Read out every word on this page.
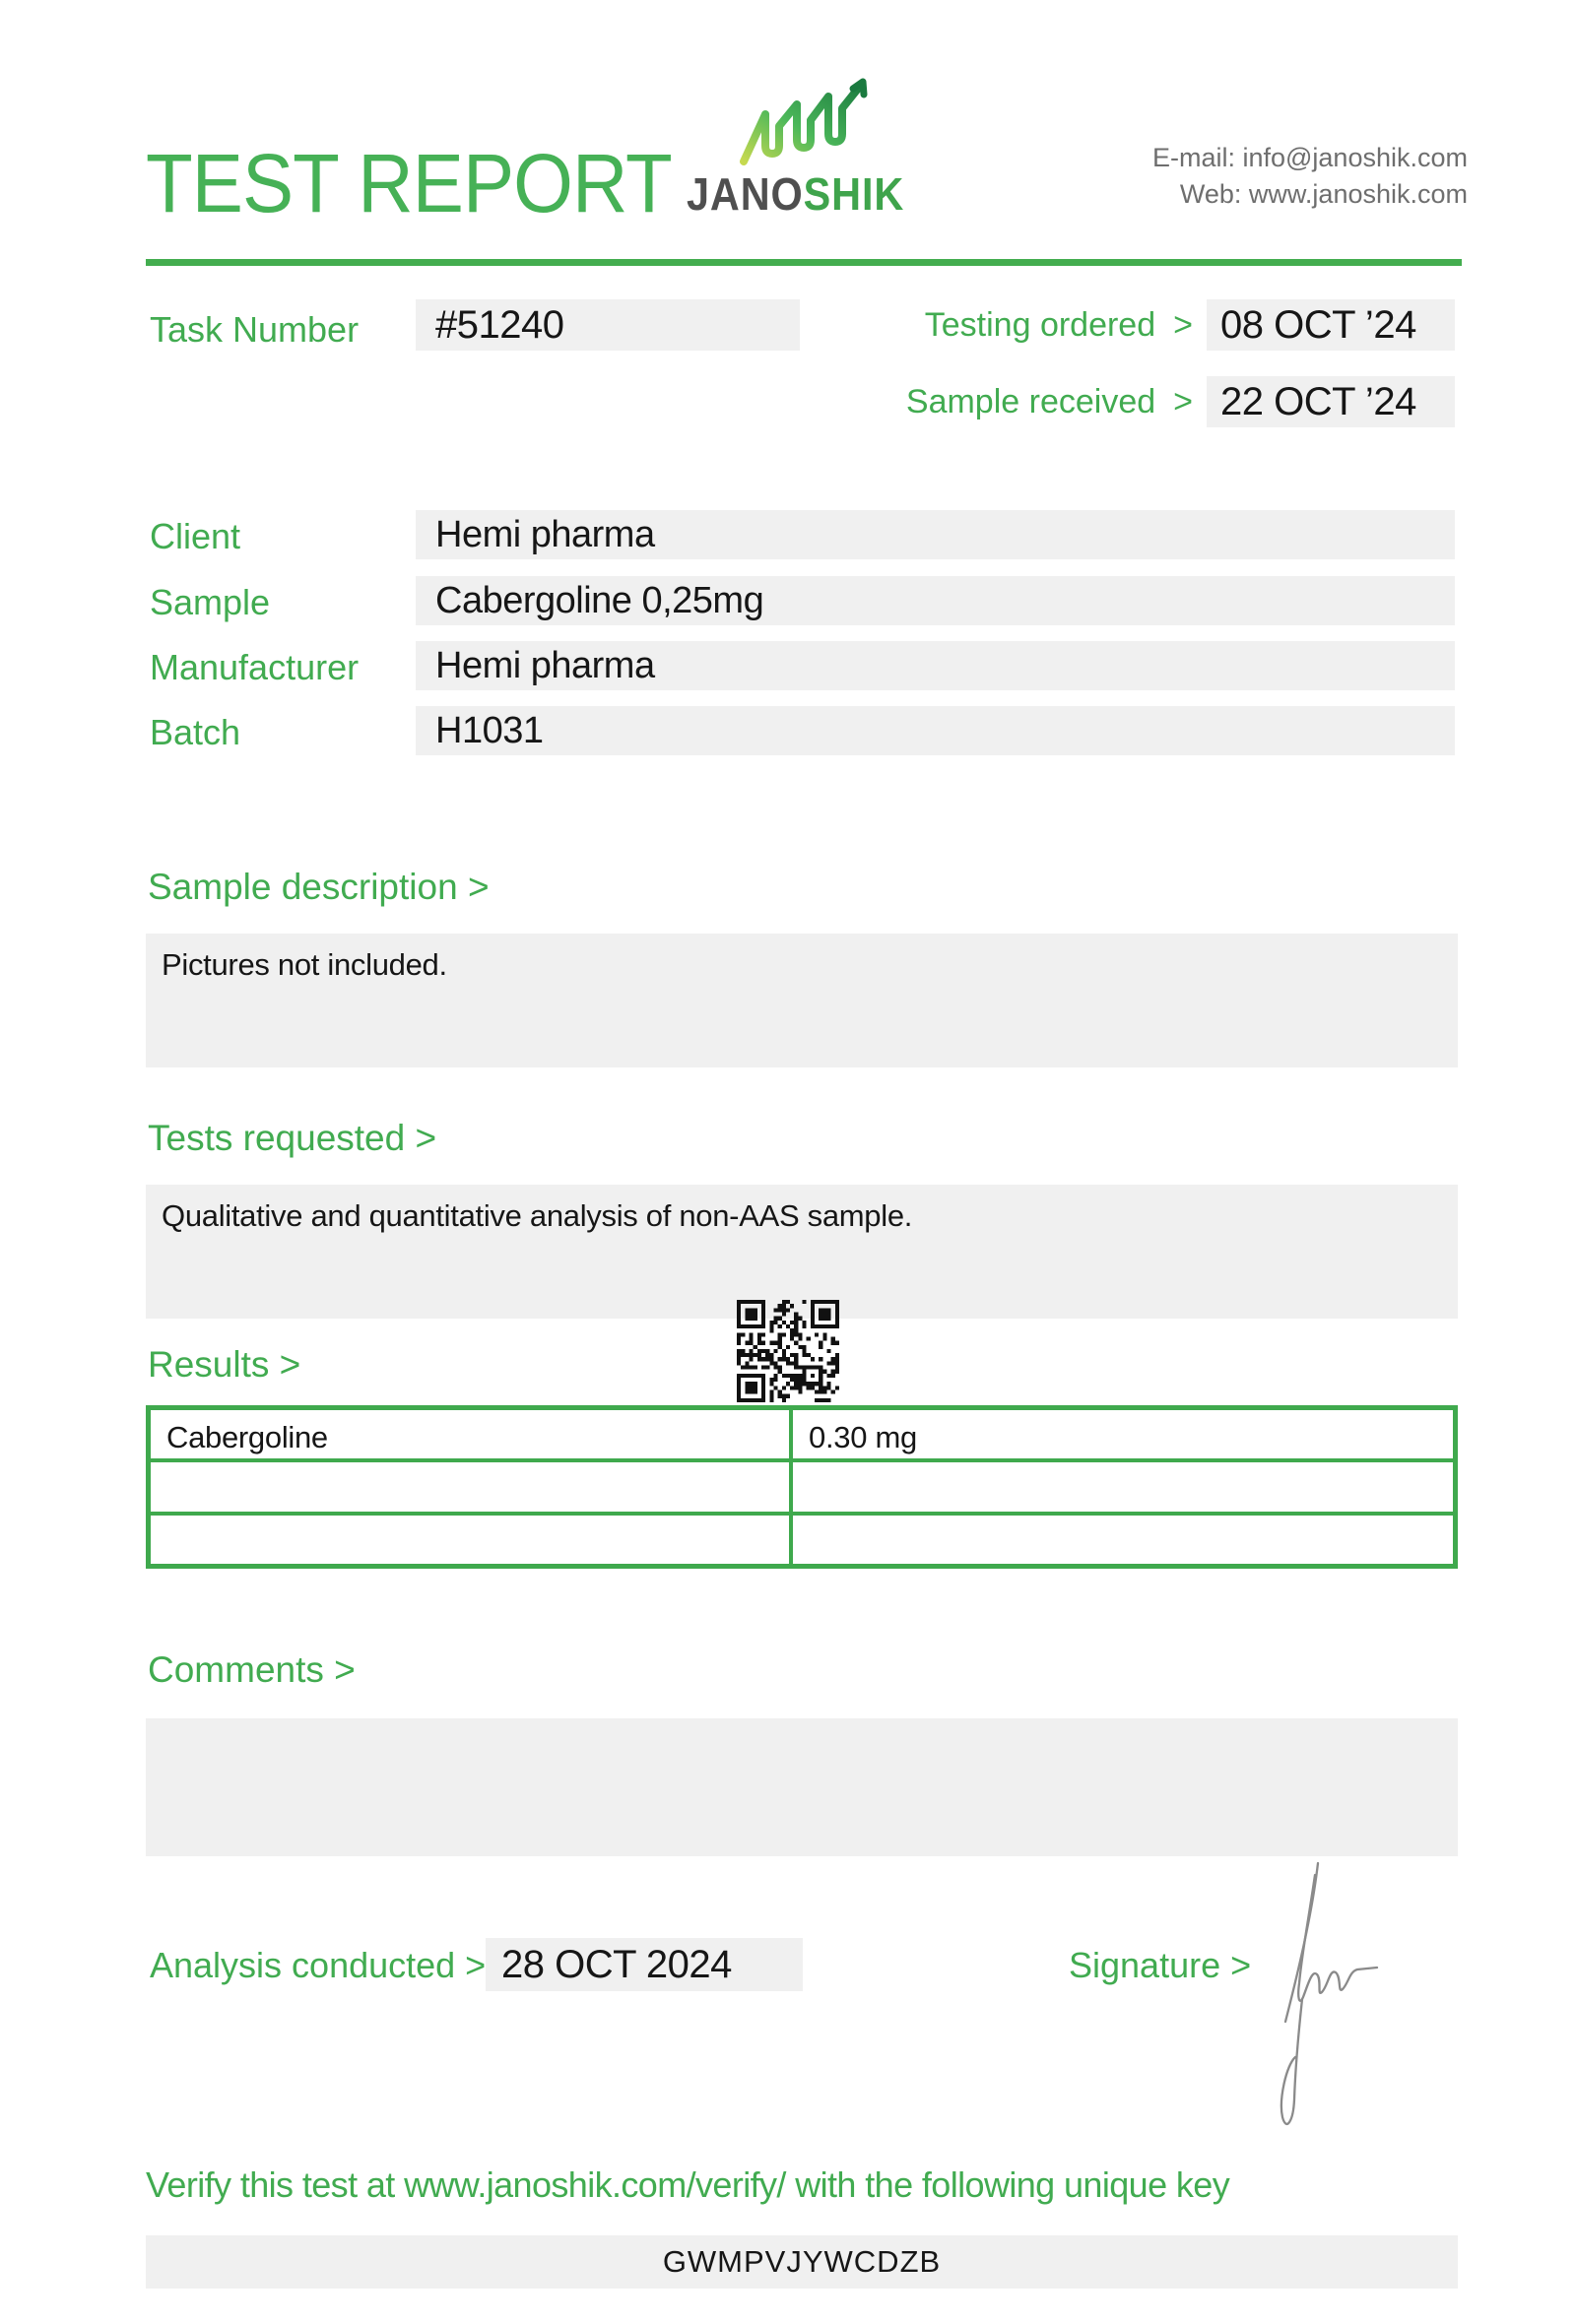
TEST REPORT JANOSHIK
E-mail: info@janoshik.com
Web: www.janoshik.com
Task Number	#51240	Testing ordered > 08 OCT ’24
Sample received > 22 OCT ’24
Client	Hemi pharma
Sample	Cabergoline 0,25mg
Manufacturer	Hemi pharma
Batch	H1031
Sample description >
Pictures not included.
Tests requested >
Qualitative and quantitative analysis of non-AAS sample.
Results >
Cabergoline	0.30 mg
Comments >
Analysis conducted > 28 OCT 2024	Signature >
Verify this test at www.janoshik.com/verify/ with the following unique key
GWMPVJYWCDZB
